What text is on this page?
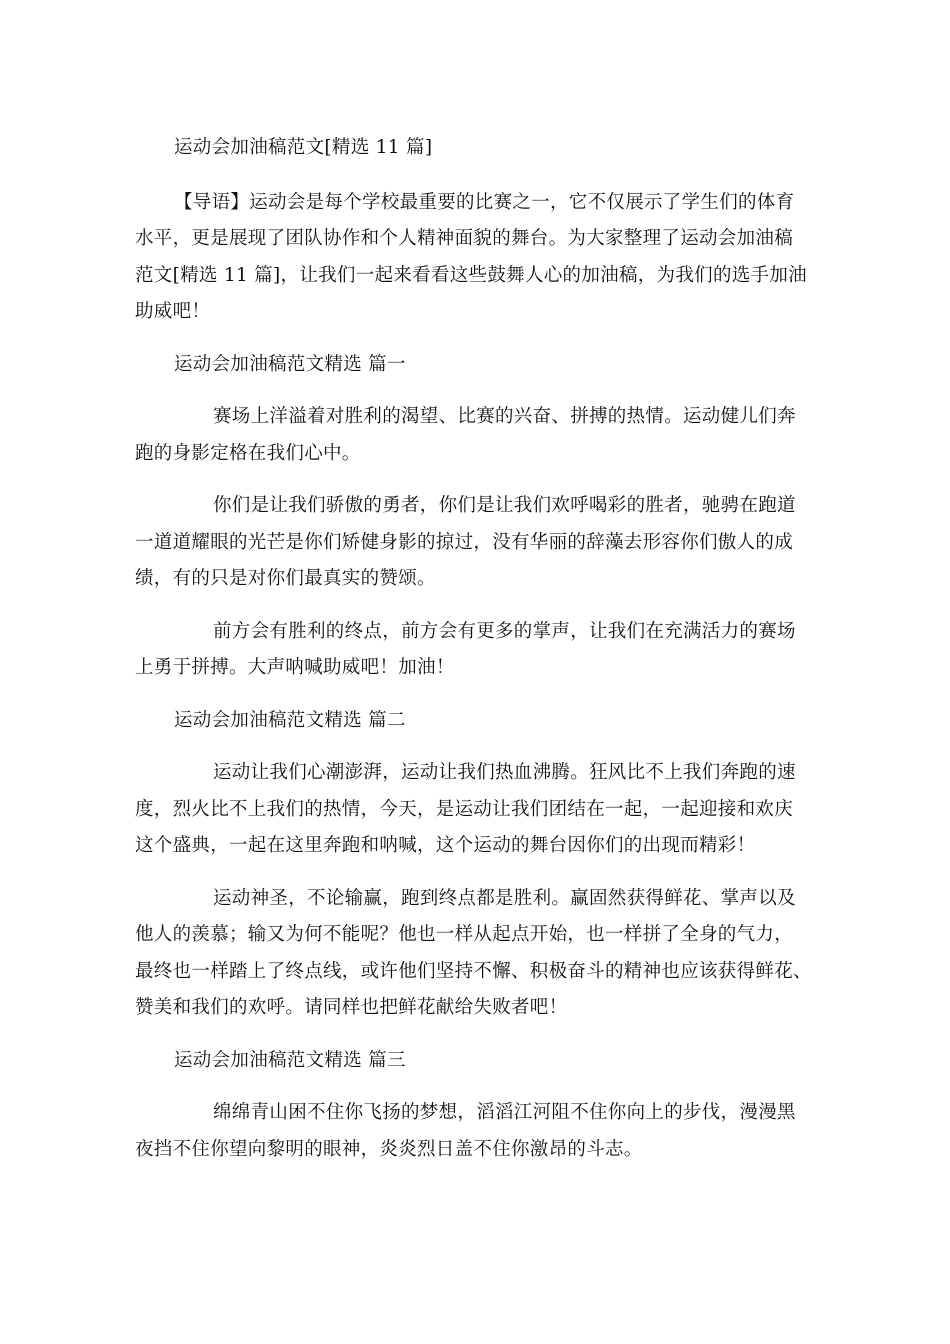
运动会加油稿范文[精选 11 篇]

【导语】运动会是每个学校最重要的比赛之一，它不仅展示了学生们的体育

水平，更是展现了团队协作和个人精神面貌的舞台。为大家整理了运动会加油稿

范文[精选 11 篇]，让我们一起来看看这些鼓舞人心的加油稿，为我们的选手加油

助威吧！

运动会加油稿范文精选 篇一

赛场上洋溢着对胜利的渴望、比赛的兴奋、拼搏的热情。运动健儿们奔

跑的身影定格在我们心中。

你们是让我们骄傲的勇者，你们是让我们欢呼喝彩的胜者，驰骋在跑道

一道道耀眼的光芒是你们矫健身影的掠过，没有华丽的辞藻去形容你们傲人的成

绩，有的只是对你们最真实的赞颂。

前方会有胜利的终点，前方会有更多的掌声，让我们在充满活力的赛场

上勇于拼搏。大声呐喊助威吧！加油！

运动会加油稿范文精选 篇二

运动让我们心潮澎湃，运动让我们热血沸腾。狂风比不上我们奔跑的速

度，烈火比不上我们的热情，今天，是运动让我们团结在一起，一起迎接和欢庆

这个盛典，一起在这里奔跑和呐喊，这个运动的舞台因你们的出现而精彩！

运动神圣，不论输赢，跑到终点都是胜利。赢固然获得鲜花、掌声以及

他人的羡慕；输又为何不能呢？他也一样从起点开始，也一样拼了全身的气力，

最终也一样踏上了终点线，或许他们坚持不懈、积极奋斗的精神也应该获得鲜花、

赞美和我们的欢呼。请同样也把鲜花献给失败者吧！

运动会加油稿范文精选 篇三

绵绵青山困不住你飞扬的梦想，滔滔江河阻不住你向上的步伐，漫漫黑

夜挡不住你望向黎明的眼神，炎炎烈日盖不住你激昂的斗志。
